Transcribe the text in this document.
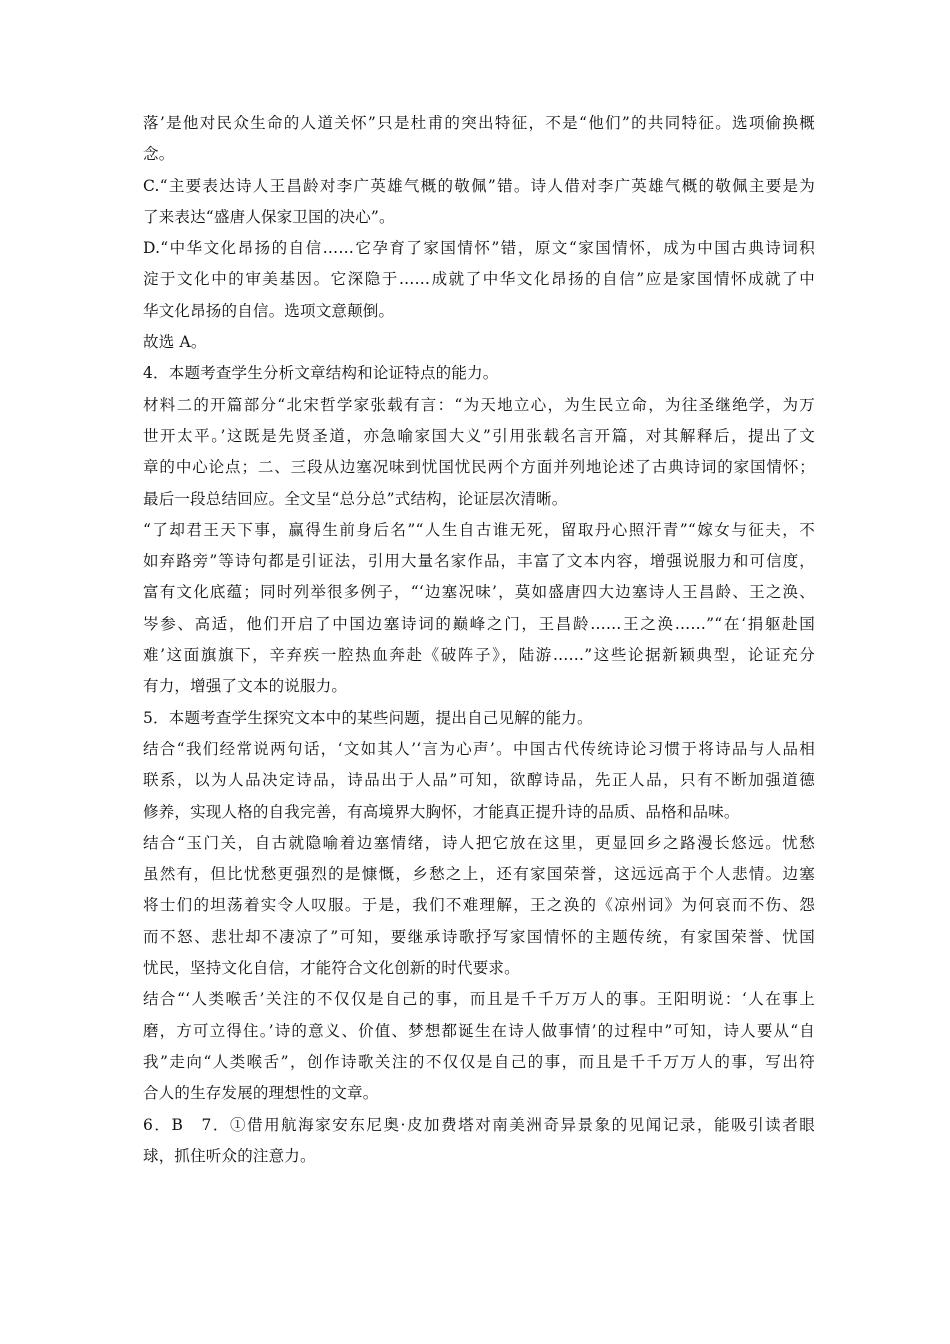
落’是他对民众生命的人道关怀”只是杜甫的突出特征，不是“他们”的共同特征。选项偷换概
念。
C.“主要表达诗人王昌龄对李广英雄气概的敬佩”错。诗人借对李广英雄气概的敬佩主要是为
了来表达“盛唐人保家卫国的决心”。
D.“中华文化昂扬的自信……它孕育了家国情怀”错，原文“家国情怀，成为中国古典诗词积
淀于文化中的审美基因。它深隐于……成就了中华文化昂扬的自信”应是家国情怀成就了中
华文化昂扬的自信。选项文意颠倒。
故选 A。
4．本题考查学生分析文章结构和论证特点的能力。
材料二的开篇部分“北宋哲学家张载有言：“为天地立心，为生民立命，为往圣继绝学，为万
世开太平。’这既是先贤圣道，亦急喻家国大义”引用张载名言开篇，对其解释后，提出了文
章的中心论点；二、三段从边塞况味到忧国忧民两个方面并列地论述了古典诗词的家国情怀；
最后一段总结回应。全文呈“总分总”式结构，论证层次清晰。
“了却君王天下事，赢得生前身后名”“人生自古谁无死，留取丹心照汗青”“嫁女与征夫，不
如弃路旁”等诗句都是引证法，引用大量名家作品，丰富了文本内容，增强说服力和可信度，
富有文化底蕴；同时列举很多例子，“‘边塞况味’，莫如盛唐四大边塞诗人王昌龄、王之涣、
岑参、高适，他们开启了中国边塞诗词的巅峰之门，王昌龄……王之涣……”“在‘捐躯赴国
难’这面旗旗下，辛弃疾一腔热血奔赴《破阵子》，陆游……”这些论据新颖典型，论证充分
有力，增强了文本的说服力。
5．本题考查学生探究文本中的某些问题，提出自己见解的能力。
结合“我们经常说两句话，‘文如其人’‘言为心声’。中国古代传统诗论习惯于将诗品与人品相
联系，以为人品决定诗品，诗品出于人品”可知，欲醇诗品，先正人品，只有不断加强道德
修养，实现人格的自我完善，有高境界大胸怀，才能真正提升诗的品质、品格和品味。
结合“玉门关，自古就隐喻着边塞情绪，诗人把它放在这里，更显回乡之路漫长悠远。忧愁
虽然有，但比忧愁更强烈的是慷慨，乡愁之上，还有家国荣誉，这远远高于个人悲情。边塞
将士们的坦荡着实令人叹服。于是，我们不难理解，王之涣的《凉州词》为何哀而不伤、怨
而不怒、悲壮却不凄凉了”可知，要继承诗歌抒写家国情怀的主题传统，有家国荣誉、忧国
忧民，坚持文化自信，才能符合文化创新的时代要求。
结合“‘人类喉舌’关注的不仅仅是自己的事，而且是千千万万人的事。王阳明说：‘人在事上
磨，方可立得住。’诗的意义、价值、梦想都诞生在诗人做事情’的过程中”可知，诗人要从“自
我”走向“人类喉舌”，创作诗歌关注的不仅仅是自己的事，而且是千千万万人的事，写出符
合人的生存发展的理想性的文章。
6．B　7．①借用航海家安东尼奥·皮加费塔对南美洲奇异景象的见闻记录，能吸引读者眼
球，抓住听众的注意力。
